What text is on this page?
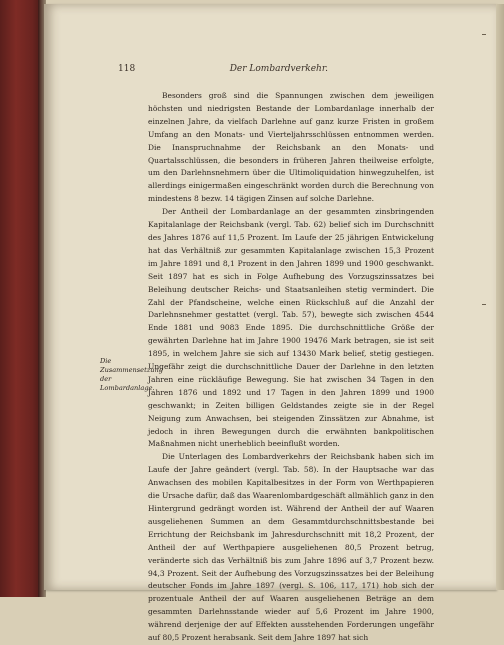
118	Der Lombardverkehr.
Die Zusammensetzung der Lombardanlage.

Besonders groß sind die Spannungen zwischen dem jeweiligen höchsten und niedrigsten Bestande der Lombardanlage innerhalb der einzelnen Jahre, da vielfach Darlehne auf ganz kurze Fristen in großem Umfang an den Monats- und Vierteljahrsschlüssen entnommen werden. Die Inanspruchnahme der Reichsbank an den Monats- und Quartalsschlüssen, die besonders in früheren Jahren theilweise erfolgte, um den Darlehnsnehmern über die Ultimoliquidation hinwegzuhelfen, ist allerdings einigermaßen eingeschränkt worden durch die Berechnung von mindestens 8 bezw. 14 tägigen Zinsen auf solche Darlehne.

Der Antheil der Lombardanlage an der gesammten zinsbringenden Kapitalanlage der Reichsbank (vergl. Tab. 62) belief sich im Durchschnitt des Jahres 1876 auf 11,5 Prozent. Im Laufe der 25 jährigen Entwickelung hat das Verhältniß zur gesammten Kapitalanlage zwischen 15,3 Prozent im Jahre 1891 und 8,1 Prozent in den Jahren 1899 und 1900 geschwankt. Seit 1897 hat es sich in Folge Aufhebung des Vorzugszinssatzes bei Beleihung deutscher Reichs- und Staatsanleihen stetig vermindert. Die Zahl der Pfandscheine, welche einen Rückschluß auf die Anzahl der Darlehnsnehmer gestattet (vergl. Tab. 57), bewegte sich zwischen 4544 Ende 1881 und 9083 Ende 1895. Die durchschnittliche Größe der gewährten Darlehne hat im Jahre 1900 19476 Mark betragen, sie ist seit 1895, in welchem Jahre sie sich auf 13430 Mark belief, stetig gestiegen. Ungefähr zeigt die durchschnittliche Dauer der Darlehne in den letzten Jahren eine rückläufige Bewegung. Sie hat zwischen 34 Tagen in den Jahren 1876 und 1892 und 17 Tagen in den Jahren 1899 und 1900 geschwankt; in Zeiten billigen Geldstandes zeigte sie in der Regel Neigung zum Anwachsen, bei steigenden Zinssätzen zur Abnahme, ist jedoch in ihren Bewegungen durch die erwähnten bankpolitischen Maßnahmen nicht unerheblich beeinflußt worden.

Die Unterlagen des Lombardverkehrs der Reichsbank haben sich im Laufe der Jahre geändert (vergl. Tab. 58). In der Hauptsache war das Anwachsen des mobilen Kapitalbesitzes in der Form von Werthpapieren die Ursache dafür, daß das Waarenlombardgeschäft allmählich ganz in den Hintergrund gedrängt worden ist. Während der Antheil der auf Waaren ausgeliehenen Summen an dem Gesammtdurchschnittsbestande bei Errichtung der Reichsbank im Jahresdurchschnitt mit 18,2 Prozent, der Antheil der auf Werthpapiere ausgeliehenen 80,5 Prozent betrug, veränderte sich das Verhältniß bis zum Jahre 1896 auf 3,7 Prozent bezw. 94,3 Prozent. Seit der Aufhebung des Vorzugszinssatzes bei der Beleihung deutscher Fonds im Jahre 1897 (vergl. S. 106, 117, 171) hob sich der prozentuale Antheil der auf Waaren ausgeliehenen Beträge an dem gesammten Darlehnsstande wieder auf 5,6 Prozent im Jahre 1900, während derjenige der auf Effekten ausstehenden Forderungen ungefähr auf 80,5 Prozent herabsank. Seit dem Jahre 1897 hat sich
